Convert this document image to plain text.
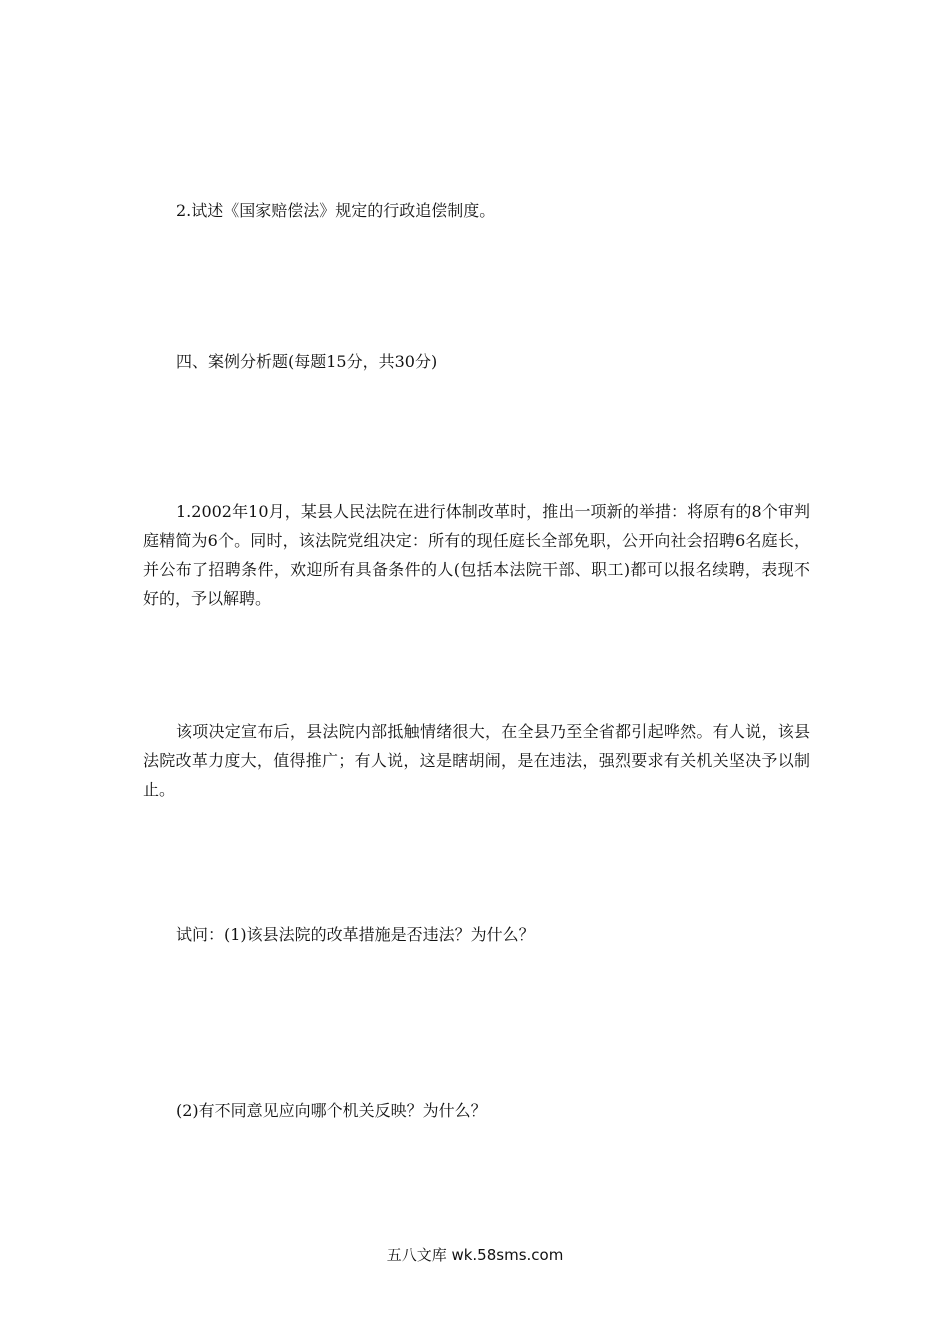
2.试述《国家赔偿法》规定的行政追偿制度。

四、案例分析题(每题15分，共30分)

1.2002年10月，某县人民法院在进行体制改革时，推出一项新的举措：将原有的8个审判庭精简为6个。同时，该法院党组决定：所有的现任庭长全部免职，公开向社会招聘6名庭长，并公布了招聘条件，欢迎所有具备条件的人(包括本法院干部、职工)都可以报名续聘，表现不好的，予以解聘。

该项决定宣布后，县法院内部抵触情绪很大，在全县乃至全省都引起哗然。有人说，该县法院改革力度大，值得推广；有人说，这是瞎胡闹，是在违法，强烈要求有关机关坚决予以制止。

试问：(1)该县法院的改革措施是否违法？为什么？

(2)有不同意见应向哪个机关反映？为什么？

五八文库 wk.58sms.com
